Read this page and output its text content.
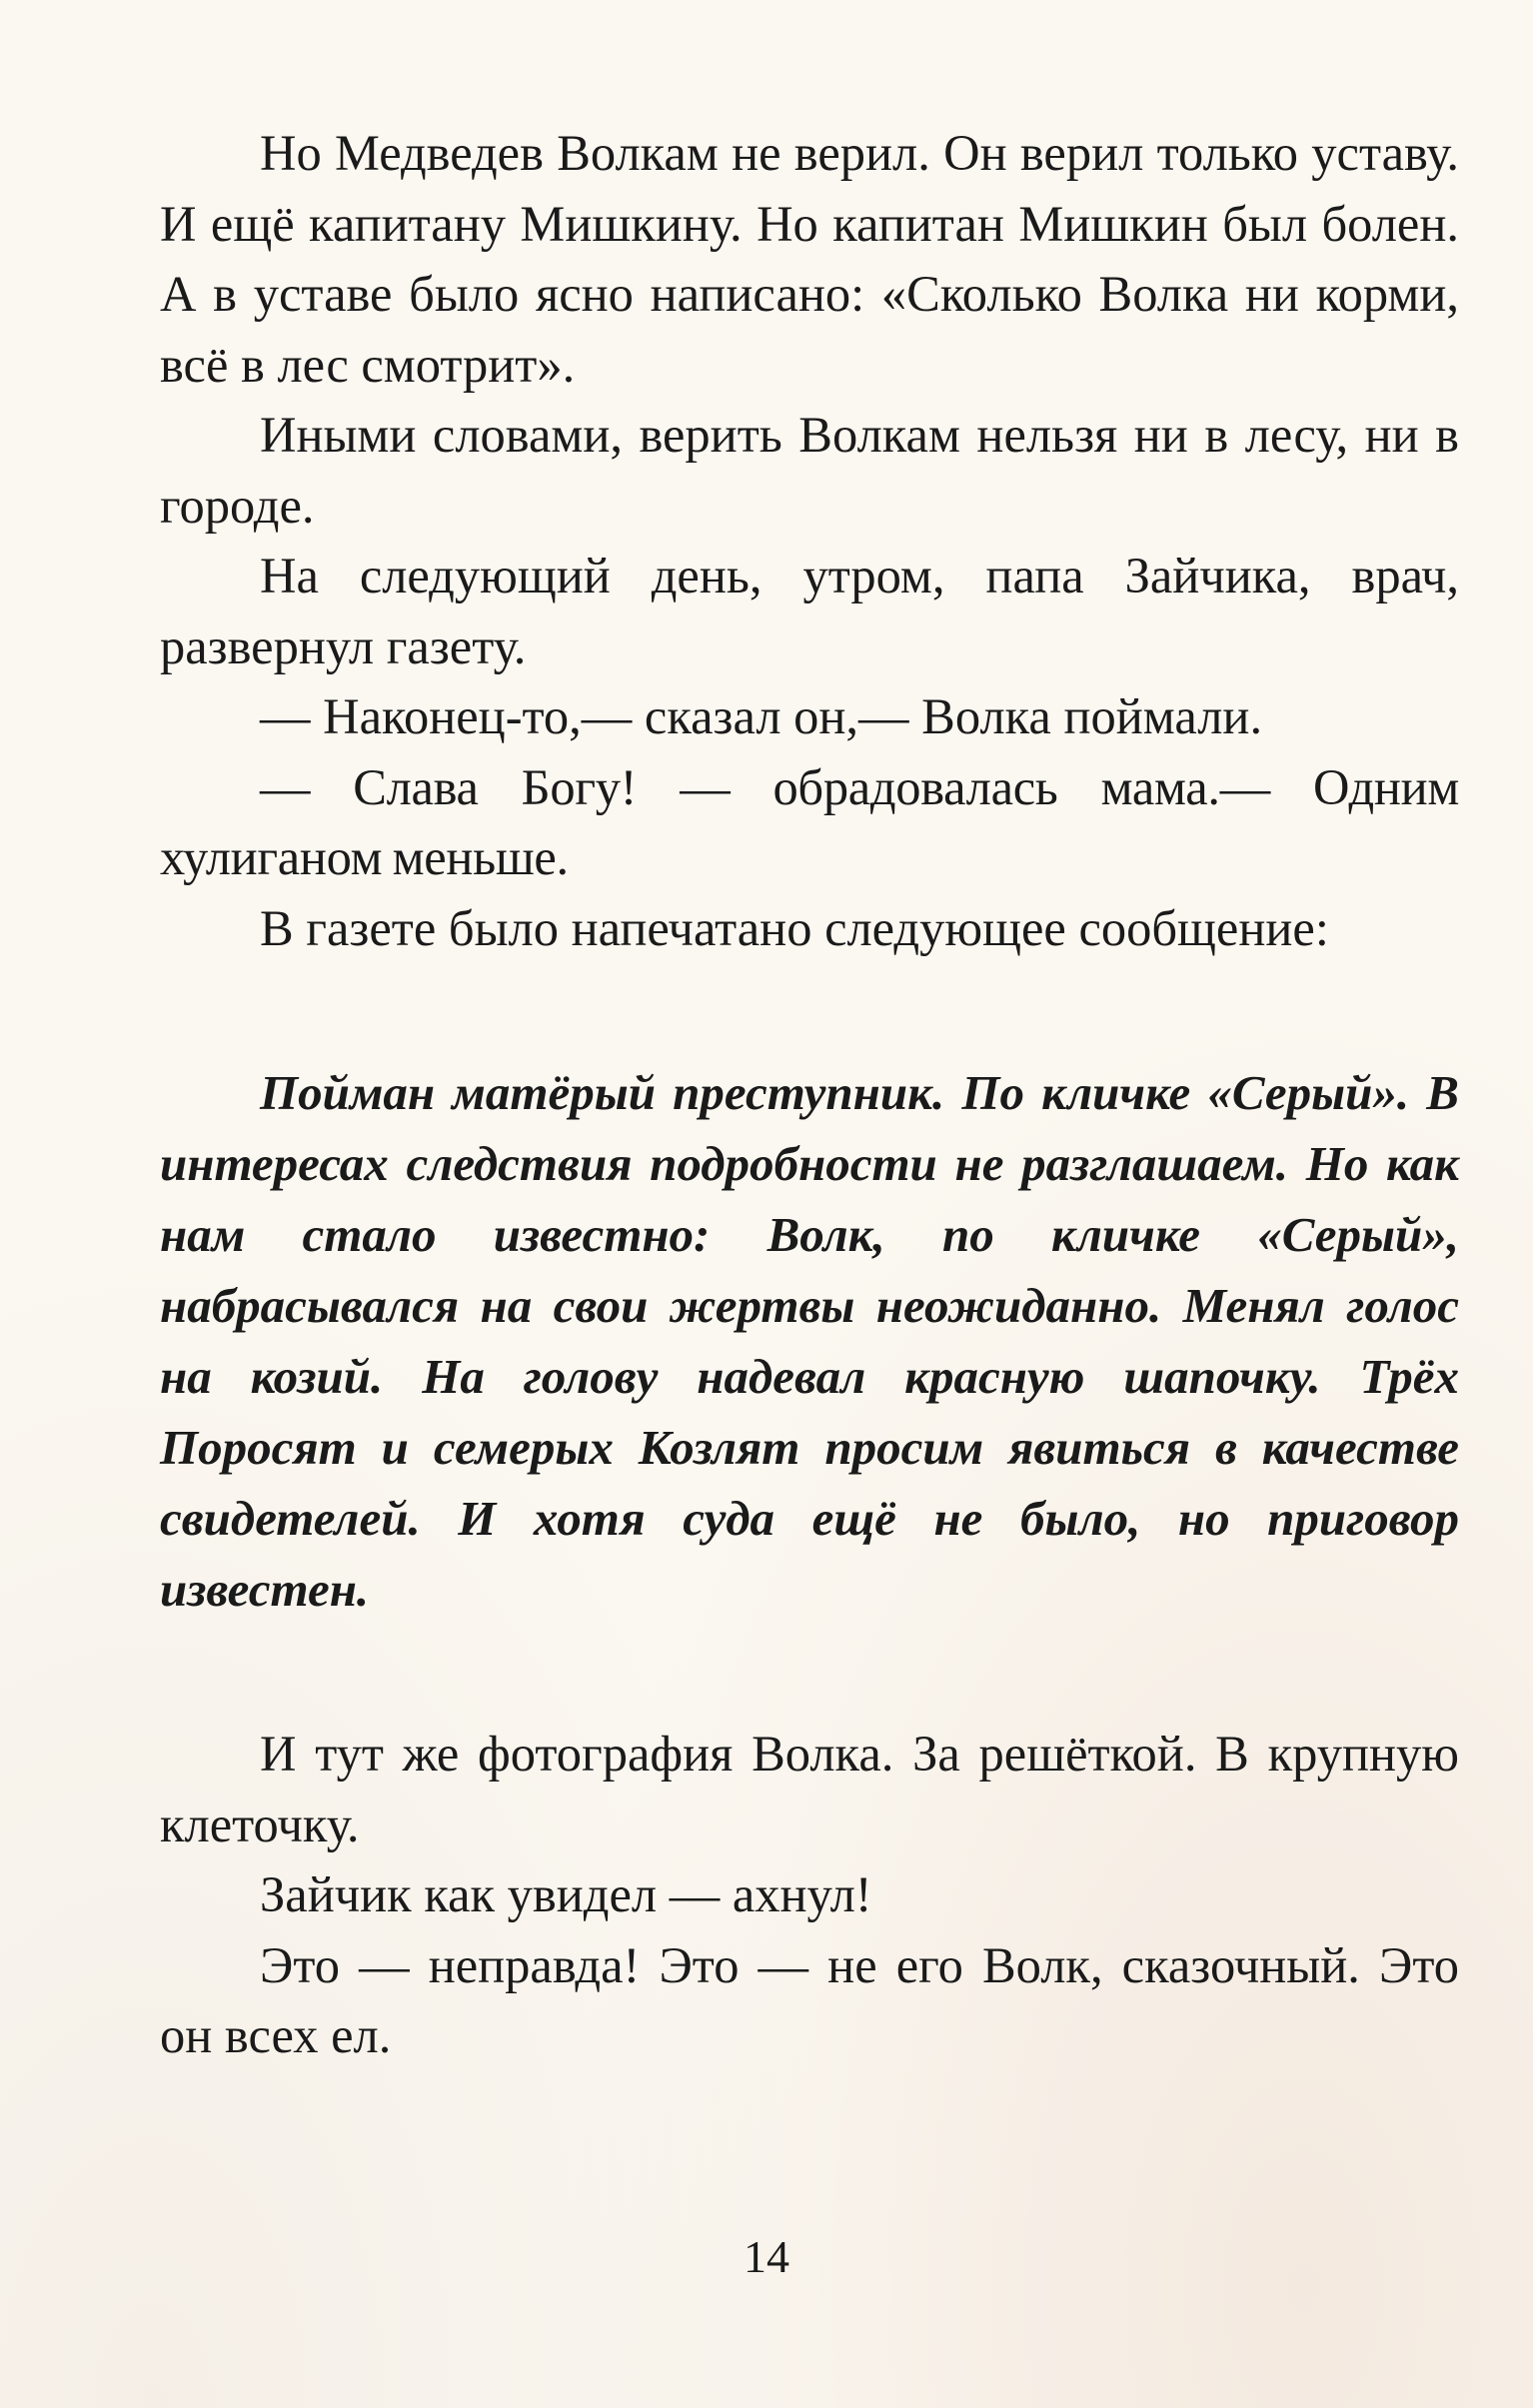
Но Медведев Волкам не верил. Он верил только уставу. И ещё капитану Мишкину. Но капитан Мишкин был болен. А в уставе было ясно написано: «Сколько Волка ни корми, всё в лес смотрит».

Иными словами, верить Волкам нельзя ни в лесу, ни в городе.

На следующий день, утром, папа Зайчика, врач, развернул газету.

— Наконец-то,— сказал он,— Волка поймали.

— Слава Богу! — обрадовалась мама.— Одним хулиганом меньше.

В газете было напечатано следующее сообщение:

Пойман матёрый преступник. По кличке «Серый». В интересах следствия подробности не разглашаем. Но как нам стало известно: Волк, по кличке «Серый», набрасывался на свои жертвы неожиданно. Менял голос на козий. На голову надевал красную шапочку. Трёх Поросят и семерых Козлят просим явиться в качестве свидетелей. И хотя суда ещё не было, но приговор известен.

И тут же фотография Волка. За решёткой. В крупную клеточку.

Зайчик как увидел — ахнул!

Это — неправда! Это — не его Волк, сказочный. Это он всех ел.

14
